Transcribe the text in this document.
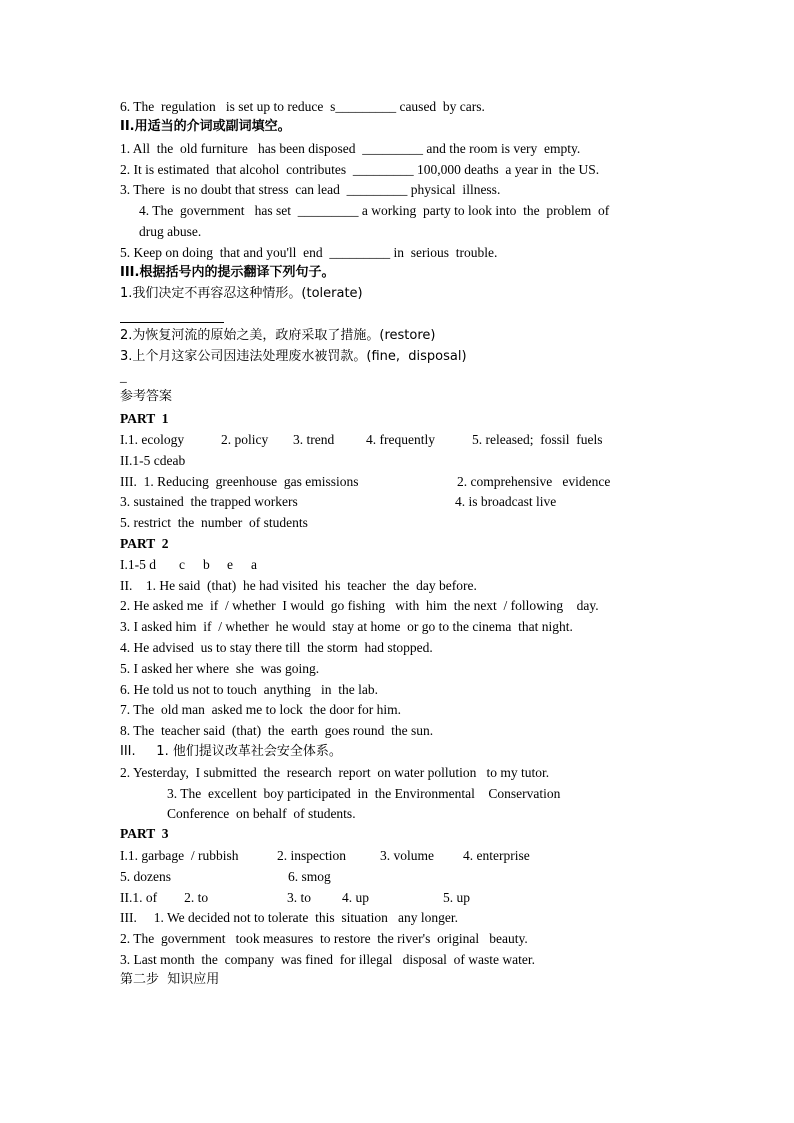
6. The  regulation   is set up to reduce  s_________ caused  by cars.
II.用适当的介词或副词填空。
1. All  the  old furniture   has been disposed  _________ and the room is very  empty.
2. It is estimated  that alcohol  contributes  _________ 100,000 deaths  a year in  the US.
3. There  is no doubt that stress  can lead  _________ physical  illness.
4. The  government   has set  _________ a working  party to look into  the  problem  of
drug abuse.
5. Keep on doing  that and you'll  end  _________ in  serious  trouble.
III.根据括号内的提示翻译下列句子。
1.我们决定不再容忍这种情形。(tolerate)
2.为恢复河流的原始之美，政府采取了措施。(restore)
3.上个月这家公司因违法处理废水被罚款。(fine,  disposal)
_
参考答案
PART  1
I.1. ecology	2. policy 3. trend 4. frequently	5. released;  fossil  fuels
II.1-5 cdeab
III.  1. Reducing  greenhouse  gas emissions	2. comprehensive   evidence
3. sustained  the trapped workers	4. is broadcast live
5. restrict  the  number  of students
PART  2
I.1-5 d c b e a
II.    1. He said  (that)  he had visited  his  teacher  the  day before.
2. He asked me  if  / whether  I would  go fishing   with  him  the next  / following    day.
3. I asked him  if  / whether  he would  stay at home  or go to the cinema  that night.
4. He advised  us to stay there till  the storm  had stopped.
5. I asked her where  she  was going.
6. He told us not to touch  anything   in  the lab.
7. The  old man  asked me to lock  the door for him.
8. The  teacher said  (that)  the  earth  goes round  the sun.
III.     1. 他们提议改革社会安全体系。
2. Yesterday,  I submitted  the  research  report  on water pollution   to my tutor.
3. The  excellent  boy participated  in  the Environmental    Conservation
Conference  on behalf  of students.
PART  3
I.1. garbage  / rubbish	2. inspection	3. volume 4. enterprise
5. dozens	6. smog
II.1. of        2. to	3. to 4. up	5. up
III.     1. We decided not to tolerate  this  situation   any longer.
2. The  government   took measures  to restore  the river's  original   beauty.
3. Last month  the  company  was fined  for illegal   disposal  of waste water.
第二步  知识应用
